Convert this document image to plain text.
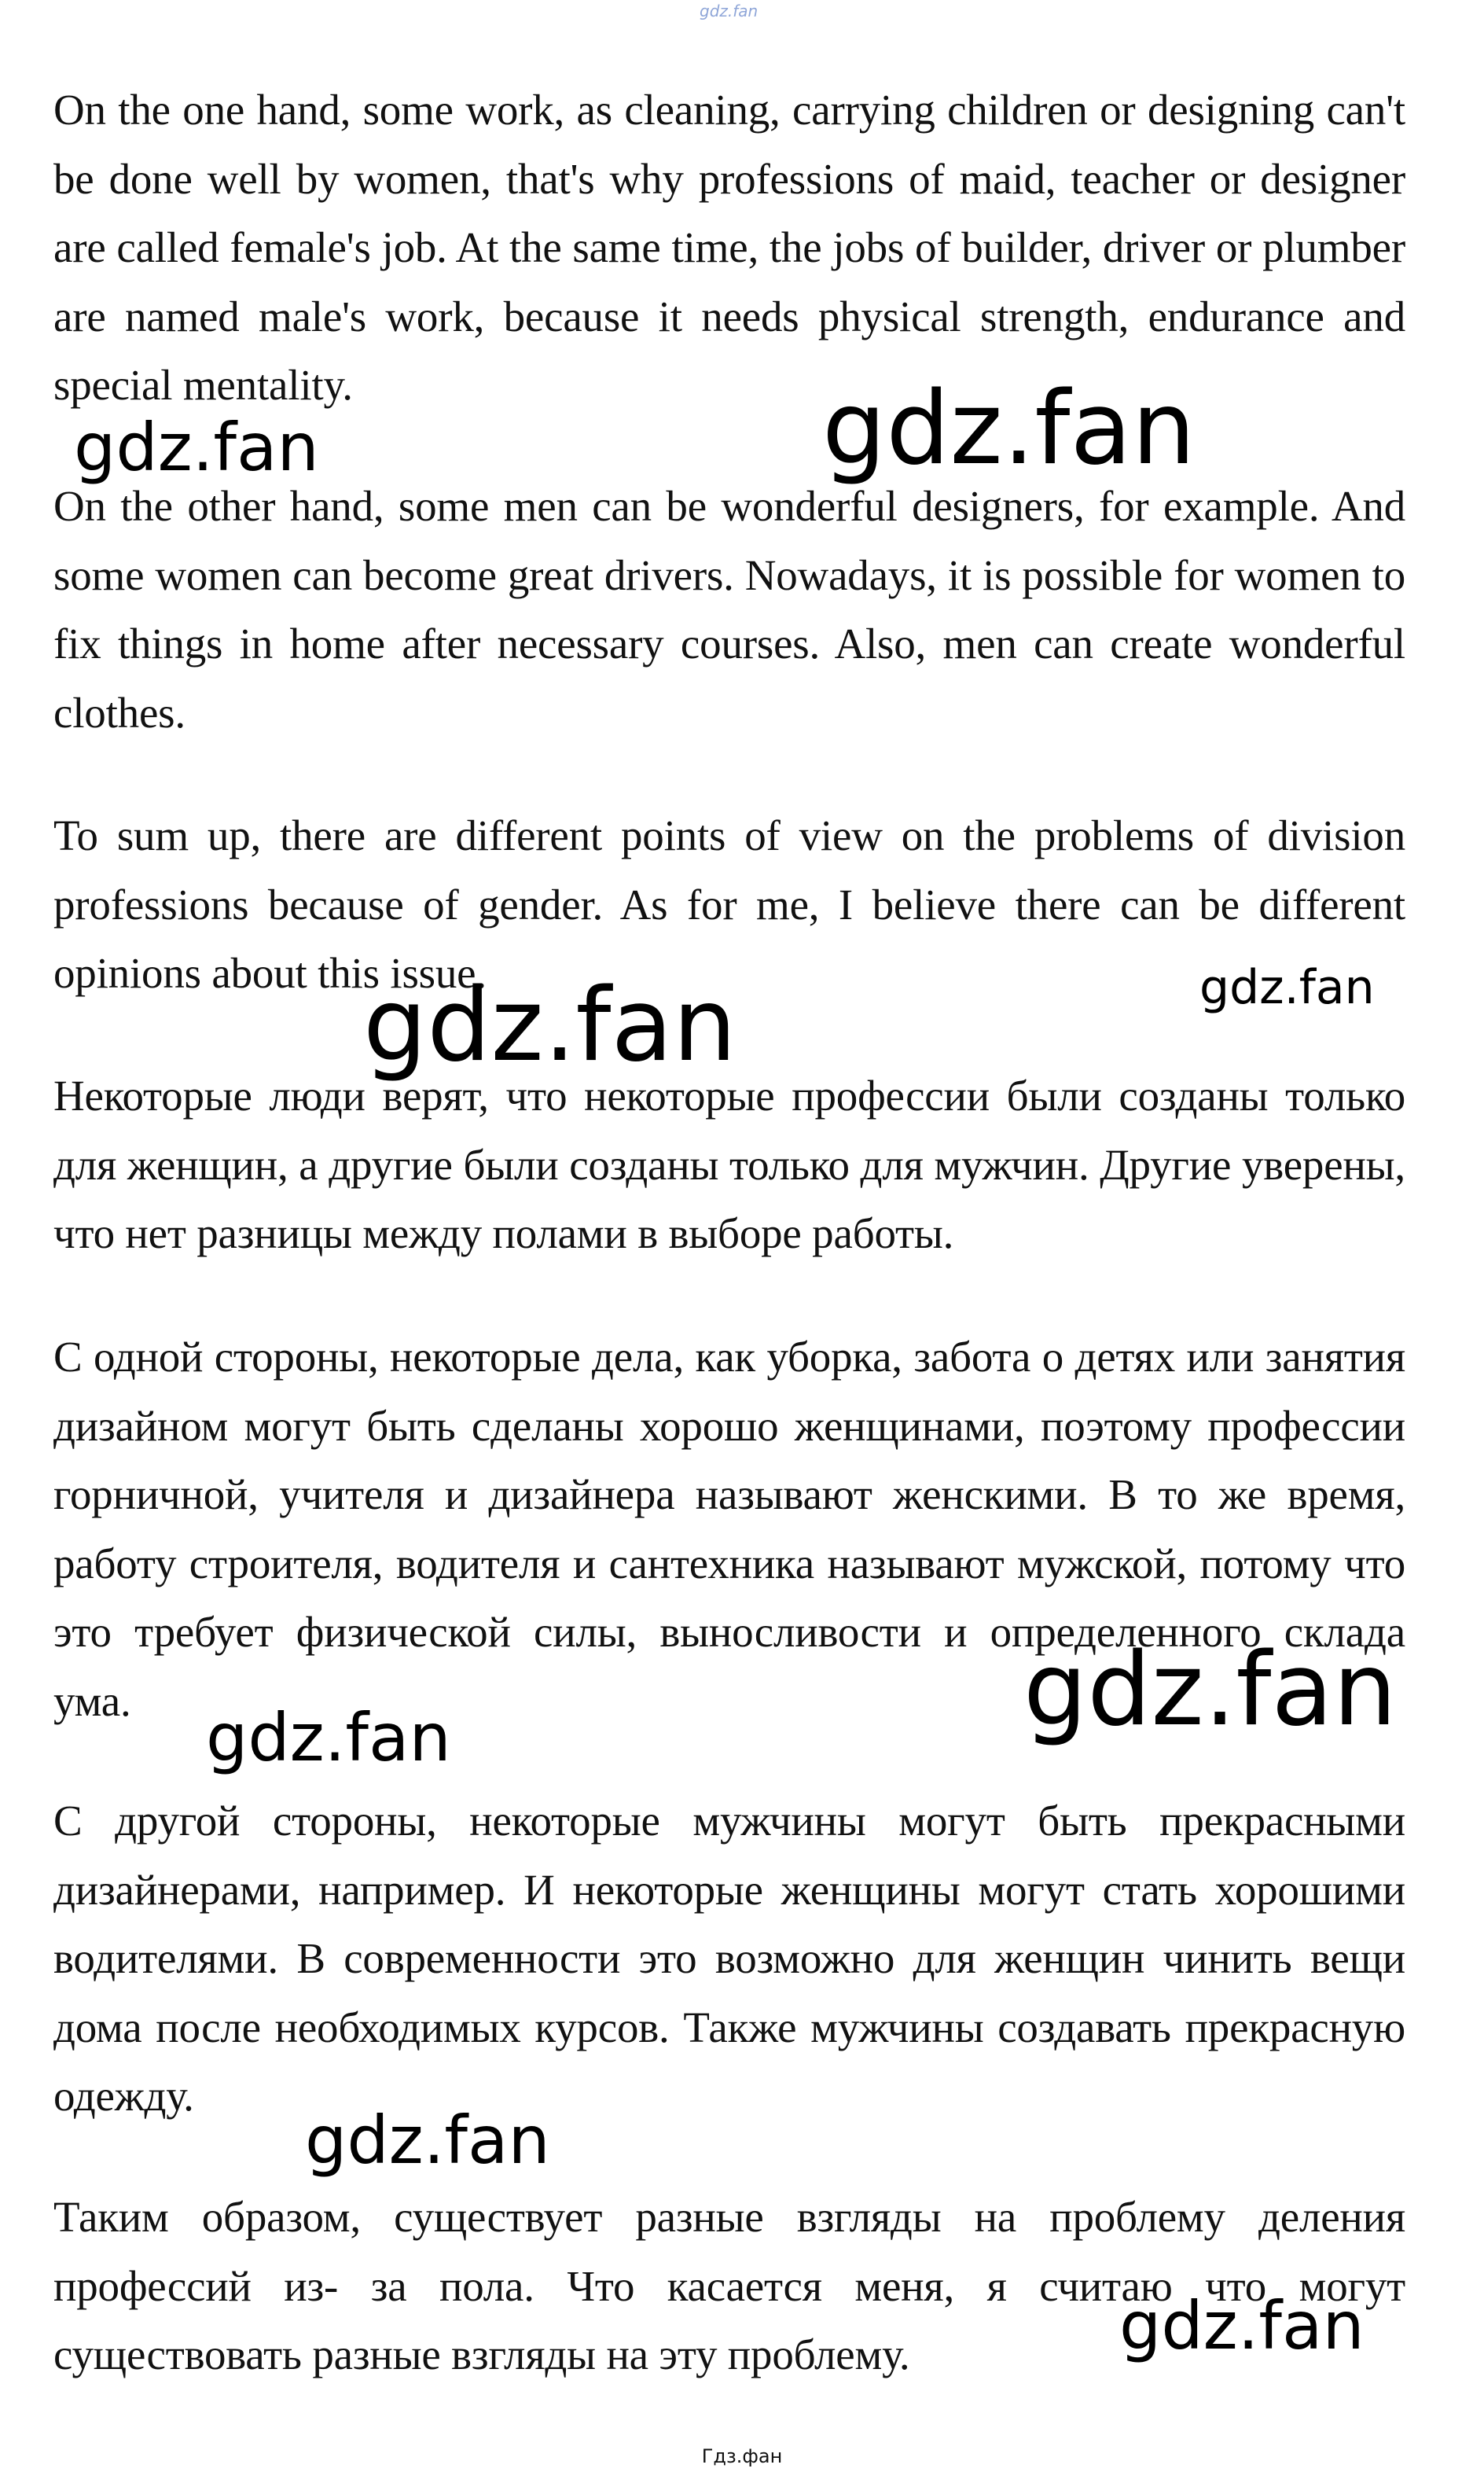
gdz.fan

On the one hand, some work, as cleaning, carrying children or designing can't be done well by women, that's why professions of maid, teacher or designer are called female's job. At the same time, the jobs of builder, driver or plumber are named male's work, because it needs physical strength, endurance and special mentality.

On the other hand, some men can be wonderful designers, for example. And some women can become great drivers. Nowadays, it is possible for women to fix things in home after necessary courses. Also, men can create wonderful clothes.

To sum up, there are different points of view on the problems of division professions because of gender. As for me, I believe there can be different opinions about this issue.

Некоторые люди верят, что некоторые профессии были созданы только для женщин, а другие были созданы только для мужчин. Другие уверены, что нет разницы между полами в выборе работы.

С одной стороны, некоторые дела, как уборка, забота о детях или занятия дизайном могут быть сделаны хорошо женщинами, поэтому профессии горничной, учителя и дизайнера называют женскими. В то же время, работу строителя, водителя и сантехника называют мужской, потому что это требует физической силы, выносливости и определенного склада ума.

С другой стороны, некоторые мужчины могут быть прекрасными дизайнерами, например. И некоторые женщины могут стать хорошими водителями. В современности это возможно для женщин чинить вещи дома после необходимых курсов. Также мужчины создавать прекрасную одежду.

Таким образом, существует разные взгляды на проблему деления профессий из- за пола. Что касается меня, я считаю что могут существовать разные взгляды на эту проблему.

gdz.fan	gdz.fan
gdz.fan
gdz.fan
gdz.fan
gdz.fan
gdz.fan
gdz.fan
Гдз.фан
